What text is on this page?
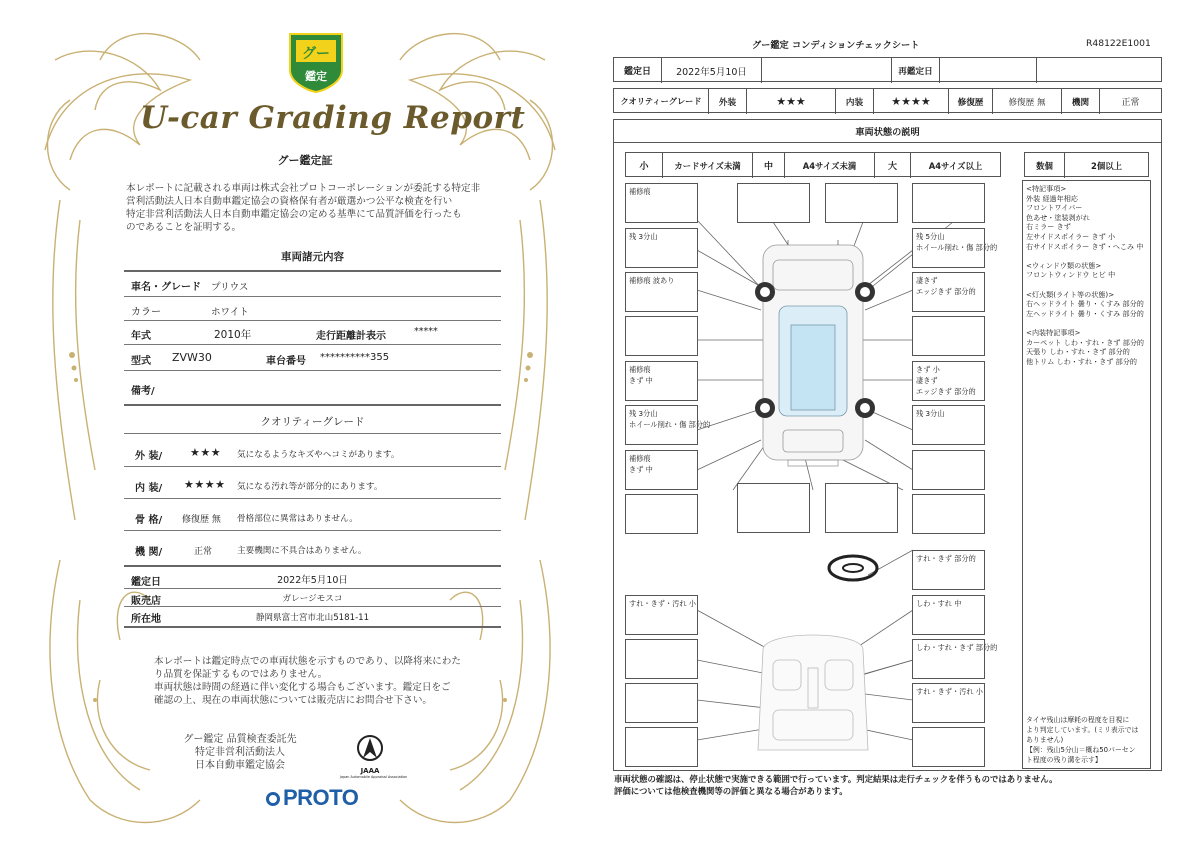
グー
鑑定
U-car Grading Report
グー鑑定証
本レポートに記載される車両は株式会社プロトコーポレーションが委託する特定非
営利活動法人日本自動車鑑定協会の資格保有者が厳選かつ公平な検査を行い
特定非営利活動法人日本自動車鑑定協会の定める基準にて品質評価を行ったも
のであることを証明する。
車両諸元内容
車名・グレード プリウス
カラー	ホワイト
年式	2010年	走行距離計表示	*****
型式 ZVW30	車台番号 **********355
備考/
クオリティーグレード
外 装/	★★★ 気になるようなキズやヘコミがあります。
内 装/ ★★★★ 気になる汚れ等が部分的にあります。
骨 格/ 修復歴 無 骨格部位に異常はありません。
機 関/	正常	主要機関に不具合はありません。
鑑定日	2022年5月10日
販売店	ガレージモスコ
所在地	静岡県富士宮市北山5181-11
本レポートは鑑定時点での車両状態を示すものであり、以降将来にわた
り品質を保証するものではありません。
車両状態は時間の経過に伴い変化する場合もございます。鑑定日をご
確認の上、現在の車両状態については販売店にお問合せ下さい。
グー鑑定 品質検査委託先
特定非営利活動法人
日本自動車鑑定協会	JAAA
Japan Automobile Appraisal Association
PROTO
グー鑑定 コンディションチェックシート	R48122E1001
鑑定日	2022年5月10日	再鑑定日
クオリティーグレード	外装	★★★	内装	★★★★	修復歴	修復歴 無	機関	正常
車両状態の説明
小	カードサイズ未満	中	A4サイズ未満	大	A4サイズ以上	数個	2個以上
補修痕
残 3分山	残 5分山
ホイール削れ・傷 部分的
補修痕 波あり	凄きず
エッジきず 部分的
補修痕
きず 中
きず 小
凄きず
エッジきず 部分的
残 3分山
ホイール削れ・傷 部分的
残 3分山
補修痕
きず 中
すれ・きず 部分的
すれ・きず・汚れ 小	しわ・すれ 中
しわ・すれ・きず 部分的
すれ・きず・汚れ 小
<特記事項>
外装 経過年相応
フロントワイパー
色あせ・塗装剥がれ
右ミラー きず
左サイドスポイラー きず 小
右サイドスポイラー きず・へこみ 中
<ウィンドウ類の状態>
フロントウィンドウ ヒビ 中
<灯火類(ライト等の状態)>
右ヘッドライト 曇り・くすみ 部分的
左ヘッドライト 曇り・くすみ 部分的
<内装特記事項>
カーペット しわ・すれ・きず 部分的
天張り しわ・すれ・きず 部分的
他トリム しわ・すれ・きず 部分的
タイヤ残山は摩耗の程度を目視に
より判定しています。(ミリ表示では
ありません)
【例：残山5分山＝概ね50パーセン
ト程度の残り溝を示す】
車両状態の確認は、停止状態で実施できる範囲で行っています。判定結果は走行チェックを伴うものではありません。
評価については他検査機関等の評価と異なる場合があります。
